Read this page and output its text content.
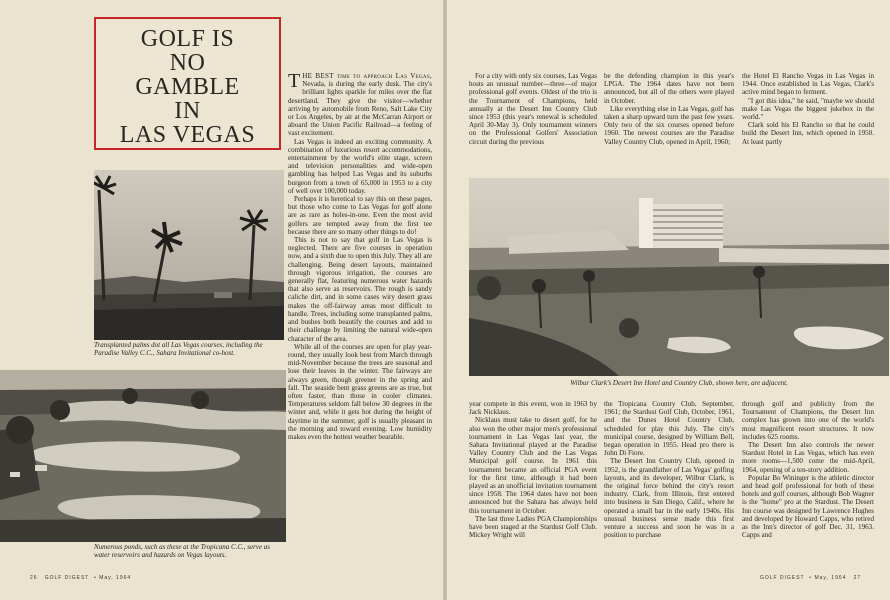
GOLF IS
NO
GAMBLE
IN
LAS VEGAS
Transplanted palms dot all Las Vegas courses, including the Paradise Valley C.C., Sahara Invitational co-host.
Numerous ponds, such as these at the Tropicana C.C., serve as water reservoirs and hazards on Vegas layouts.

THE BEST time to approach Las Vegas, Nevada, is during the early dusk. The city's brilliant lights sparkle for miles over the flat desertland. They give the visitor—whether arriving by automobile from Reno, Salt Lake City or Los Angeles, by air at the McCarran Airport or aboard the Union Pacific Railroad—a feeling of vast excitement.

Las Vegas is indeed an exciting community. A combination of luxurious resort accommodations, entertainment by the world's elite stage, screen and television personalities and wide-open gambling has helped Las Vegas and its suburbs burgeon from a town of 65,000 in 1953 to a city of well over 100,000 today.

Perhaps it is heretical to say this on these pages, but those who come to Las Vegas for golf alone are as rare as holes-in-one. Even the most avid golfers are tempted away from the first tee because there are so many other things to do!

This is not to say that golf in Las Vegas is neglected. There are five courses in operation now, and a sixth due to open this July. They all are challenging. Being desert layouts, maintained through vigorous irrigation, the courses are generally flat, featuring numerous water hazards that also serve as reservoirs. The rough is sandy caliche dirt, and in some cases wiry desert grass makes the off-fairway areas most difficult to handle. Trees, including some transplanted palms, and bushes both beautify the courses and add to their challenge by limiting the natural wide-open character of the area.

While all of the courses are open for play year-round, they usually look best from March through mid-November because the trees are seasonal and lose their leaves in the winter. The fairways are always green, though greener in the spring and fall. The seaside bent grass greens are as true, but often faster, than those in cooler climates. Temperatures seldom fall below 30 degrees in the winter and, while it gets hot during the height of daytime in the summer, golf is usually pleasant in the morning and toward evening. Low humidity makes even the hottest weather bearable.

For a city with only six courses, Las Vegas hosts an unusual number—three—of major professional golf events. Oldest of the trio is the Tournament of Champions, held annually at the Desert Inn Country Club since 1953 (this year's renewal is scheduled April 30-May 3). Only tournament winners on the Professional Golfers' Association circuit during the previous

be the defending champion in this year's LPGA. The 1964 dates have not been announced, but all of the others were played in October.

Like everything else in Las Vegas, golf has taken a sharp upward turn the past few years. Only two of the six courses opened before 1960. The newest courses are the Paradise Valley Country Club, opened in April, 1960;

the Hotel El Rancho Vegas in Las Vegas in 1944. Once established in Las Vegas, Clark's active mind began to ferment.

"I got this idea," he said, "maybe we should make Las Vegas the biggest jukebox in the world."

Clark sold his El Rancho so that he could build the Desert Inn, which opened in 1950. At least partly

Wilbur Clark's Desert Inn Hotel and Country Club, shown here, are adjacent.

year compete in this event, won in 1963 by Jack Nicklaus.

Nicklaus must take to desert golf, for he also won the other major men's professional tournament in Las Vegas last year, the Sahara Invitational played at the Paradise Valley Country Club and the Las Vegas Municipal golf course. In 1961 this tournament became an official PGA event for the first time, although it had been played as an unofficial invitation tournament since 1958. The 1964 dates have not been announced but the Sahara has always held this tournament in October.

The last three Ladies PGA Championships have been staged at the Stardust Golf Club. Mickey Wright will

the Tropicana Country Club, September, 1961; the Stardust Golf Club, October, 1961, and the Dunes Hotel Country Club, scheduled for play this July. The city's municipal course, designed by William Bell, began operation in 1955. Head pro there is John Di Fiore.

The Desert Inn Country Club, opened in 1952, is the grandfather of Las Vegas' golfing layouts, and its developer, Wilbur Clark, is the original force behind the city's resort industry. Clark, from Illinois, first entered into business in San Diego, Calif., where he operated a small bar in the early 1940s. His unusual business sense made this first venture a success and soon he was in a position to purchase

through golf and publicity from the Tournament of Champions, the Desert Inn complex has grown into one of the world's most magnificent resort structures. It now includes 625 rooms.

The Desert Inn also controls the newer Stardust Hotel in Las Vegas, which has even more rooms—1,500 come the mid-April, 1964, opening of a ten-story addition.

Popular Bo Wininger is the athletic director and head golf professional for both of these hotels and golf courses, although Bob Wagner is the "home" pro at the Stardust. The Desert Inn course was designed by Lawrence Hughes and developed by Howard Capps, who retired as the Inn's director of golf Dec. 31, 1963. Capps and

26 GOLF DIGEST  • May, 1964	GOLF DIGEST  • May, 1964 27
